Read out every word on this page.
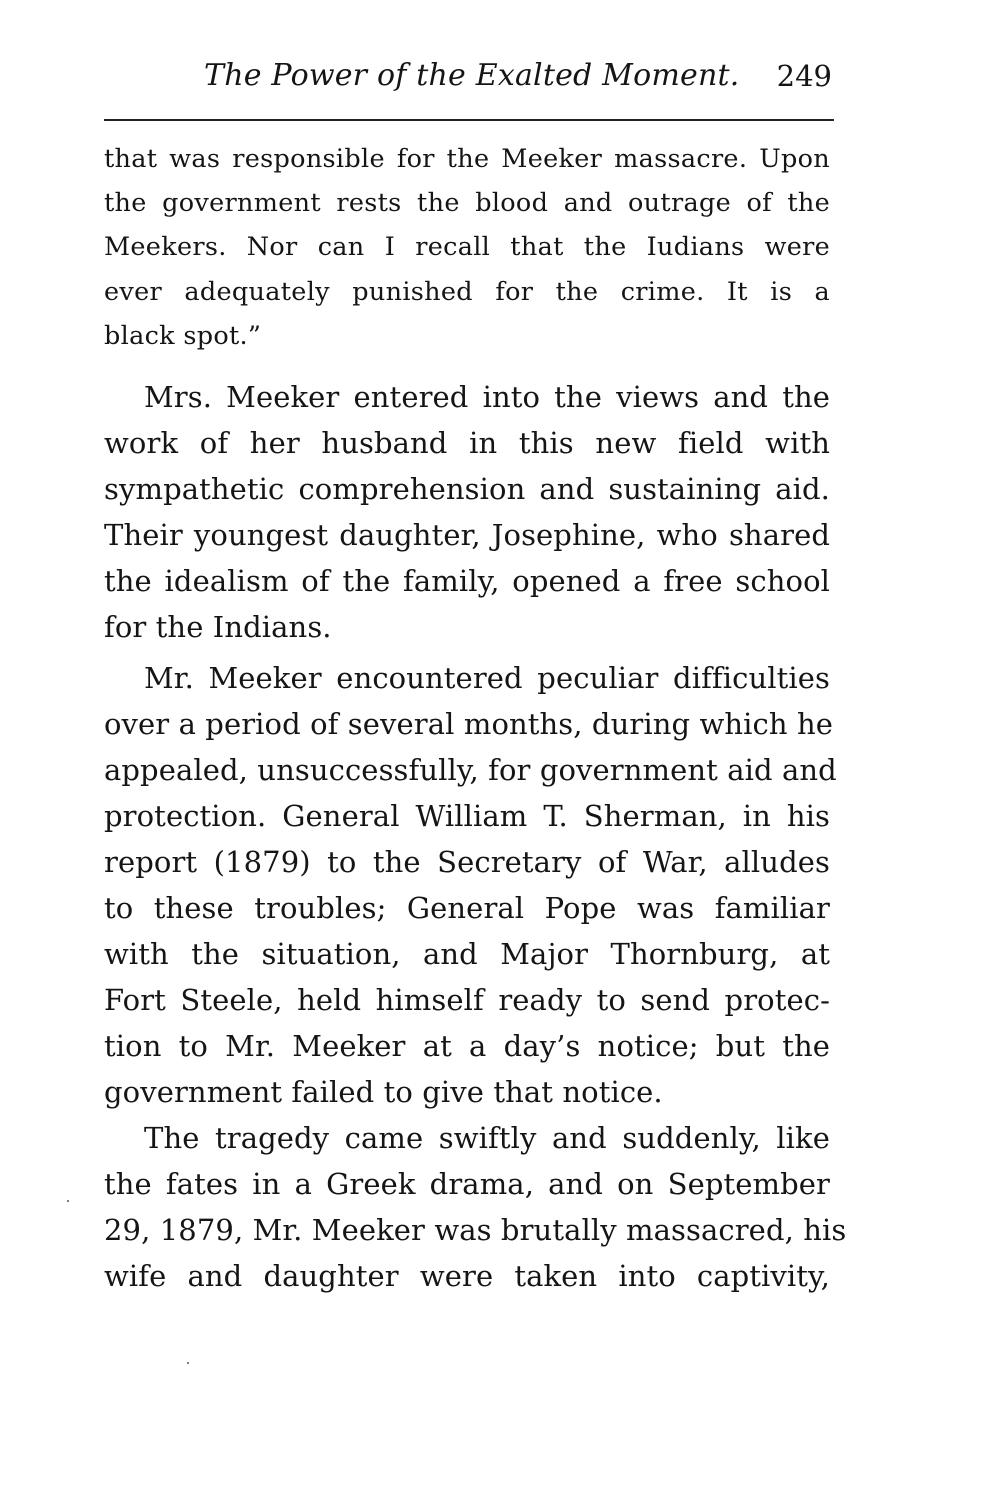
The Power of the Exalted Moment. 249
that was responsible for the Meeker massacre. Upon
the government rests the blood and outrage of the
Meekers. Nor can I recall that the Iudians were
ever adequately punished for the crime. It is a
black spot.”
Mrs. Meeker entered into the views and the
work of her husband in this new field with
sympathetic comprehension and sustaining aid.
Their youngest daughter, Josephine, who shared
the idealism of the family, opened a free school
for the Indians.
Mr. Meeker encountered peculiar difficulties
over a period of several months, during which he
appealed, unsuccessfully, for government aid and
protection. General William T. Sherman, in his
report (1879) to the Secretary of War, alludes
to these troubles; General Pope was familiar
with the situation, and Major Thornburg, at
Fort Steele, held himself ready to send protec-
tion to Mr. Meeker at a day’s notice; but the
government failed to give that notice.
The tragedy came swiftly and suddenly, like
the fates in a Greek drama, and on September
29, 1879, Mr. Meeker was brutally massacred, his
wife and daughter were taken into captivity,
